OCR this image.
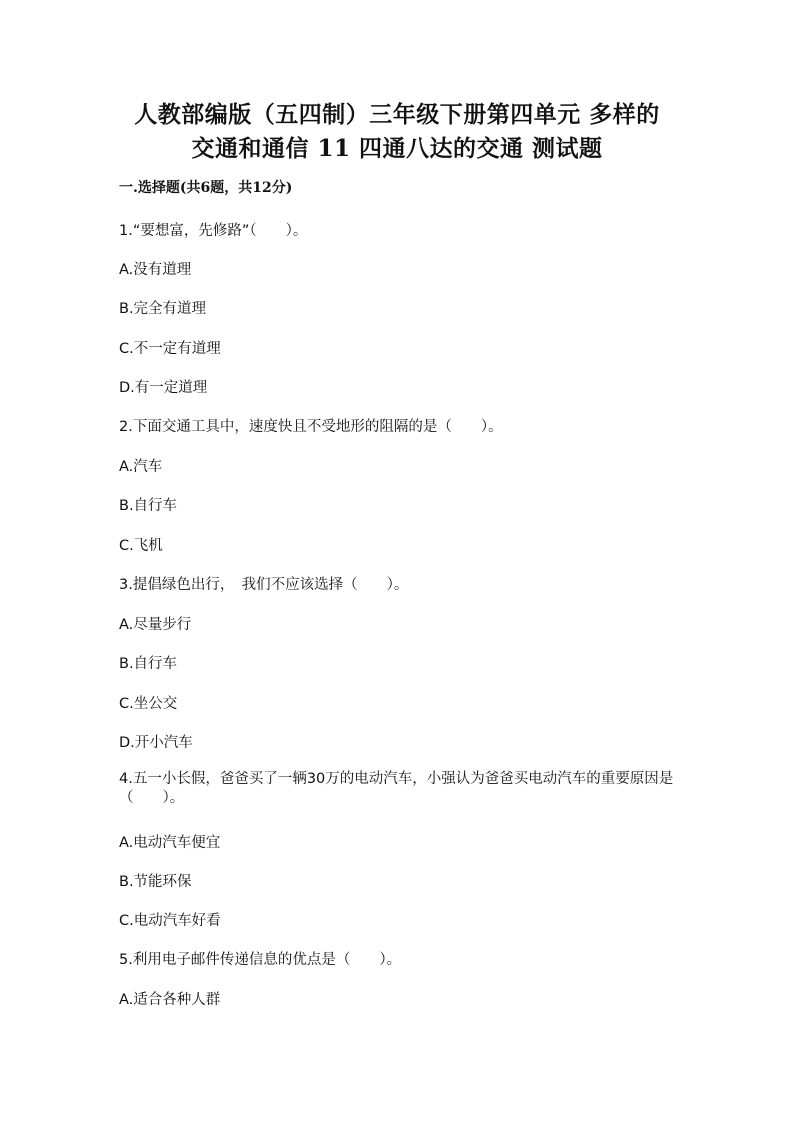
人教部编版（五四制）三年级下册第四单元 多样的
交通和通信 11 四通八达的交通 测试题
一.选择题(共6题，共12分)
1.“要想富，先修路”（　　）。
A.没有道理
B.完全有道理
C.不一定有道理
D.有一定道理
2.下面交通工具中，速度快且不受地形的阻隔的是（　　）。
A.汽车
B.自行车
C.飞机
3.提倡绿色出行，　我们不应该选择（　　）。
A.尽量步行
B.自行车
C.坐公交
D.开小汽车
4.五一小长假，爸爸买了一辆30万的电动汽车，小强认为爸爸买电动汽车的重要原因是（　　）。
A.电动汽车便宜
B.节能环保
C.电动汽车好看
5.利用电子邮件传递信息的优点是（　　）。
A.适合各种人群
